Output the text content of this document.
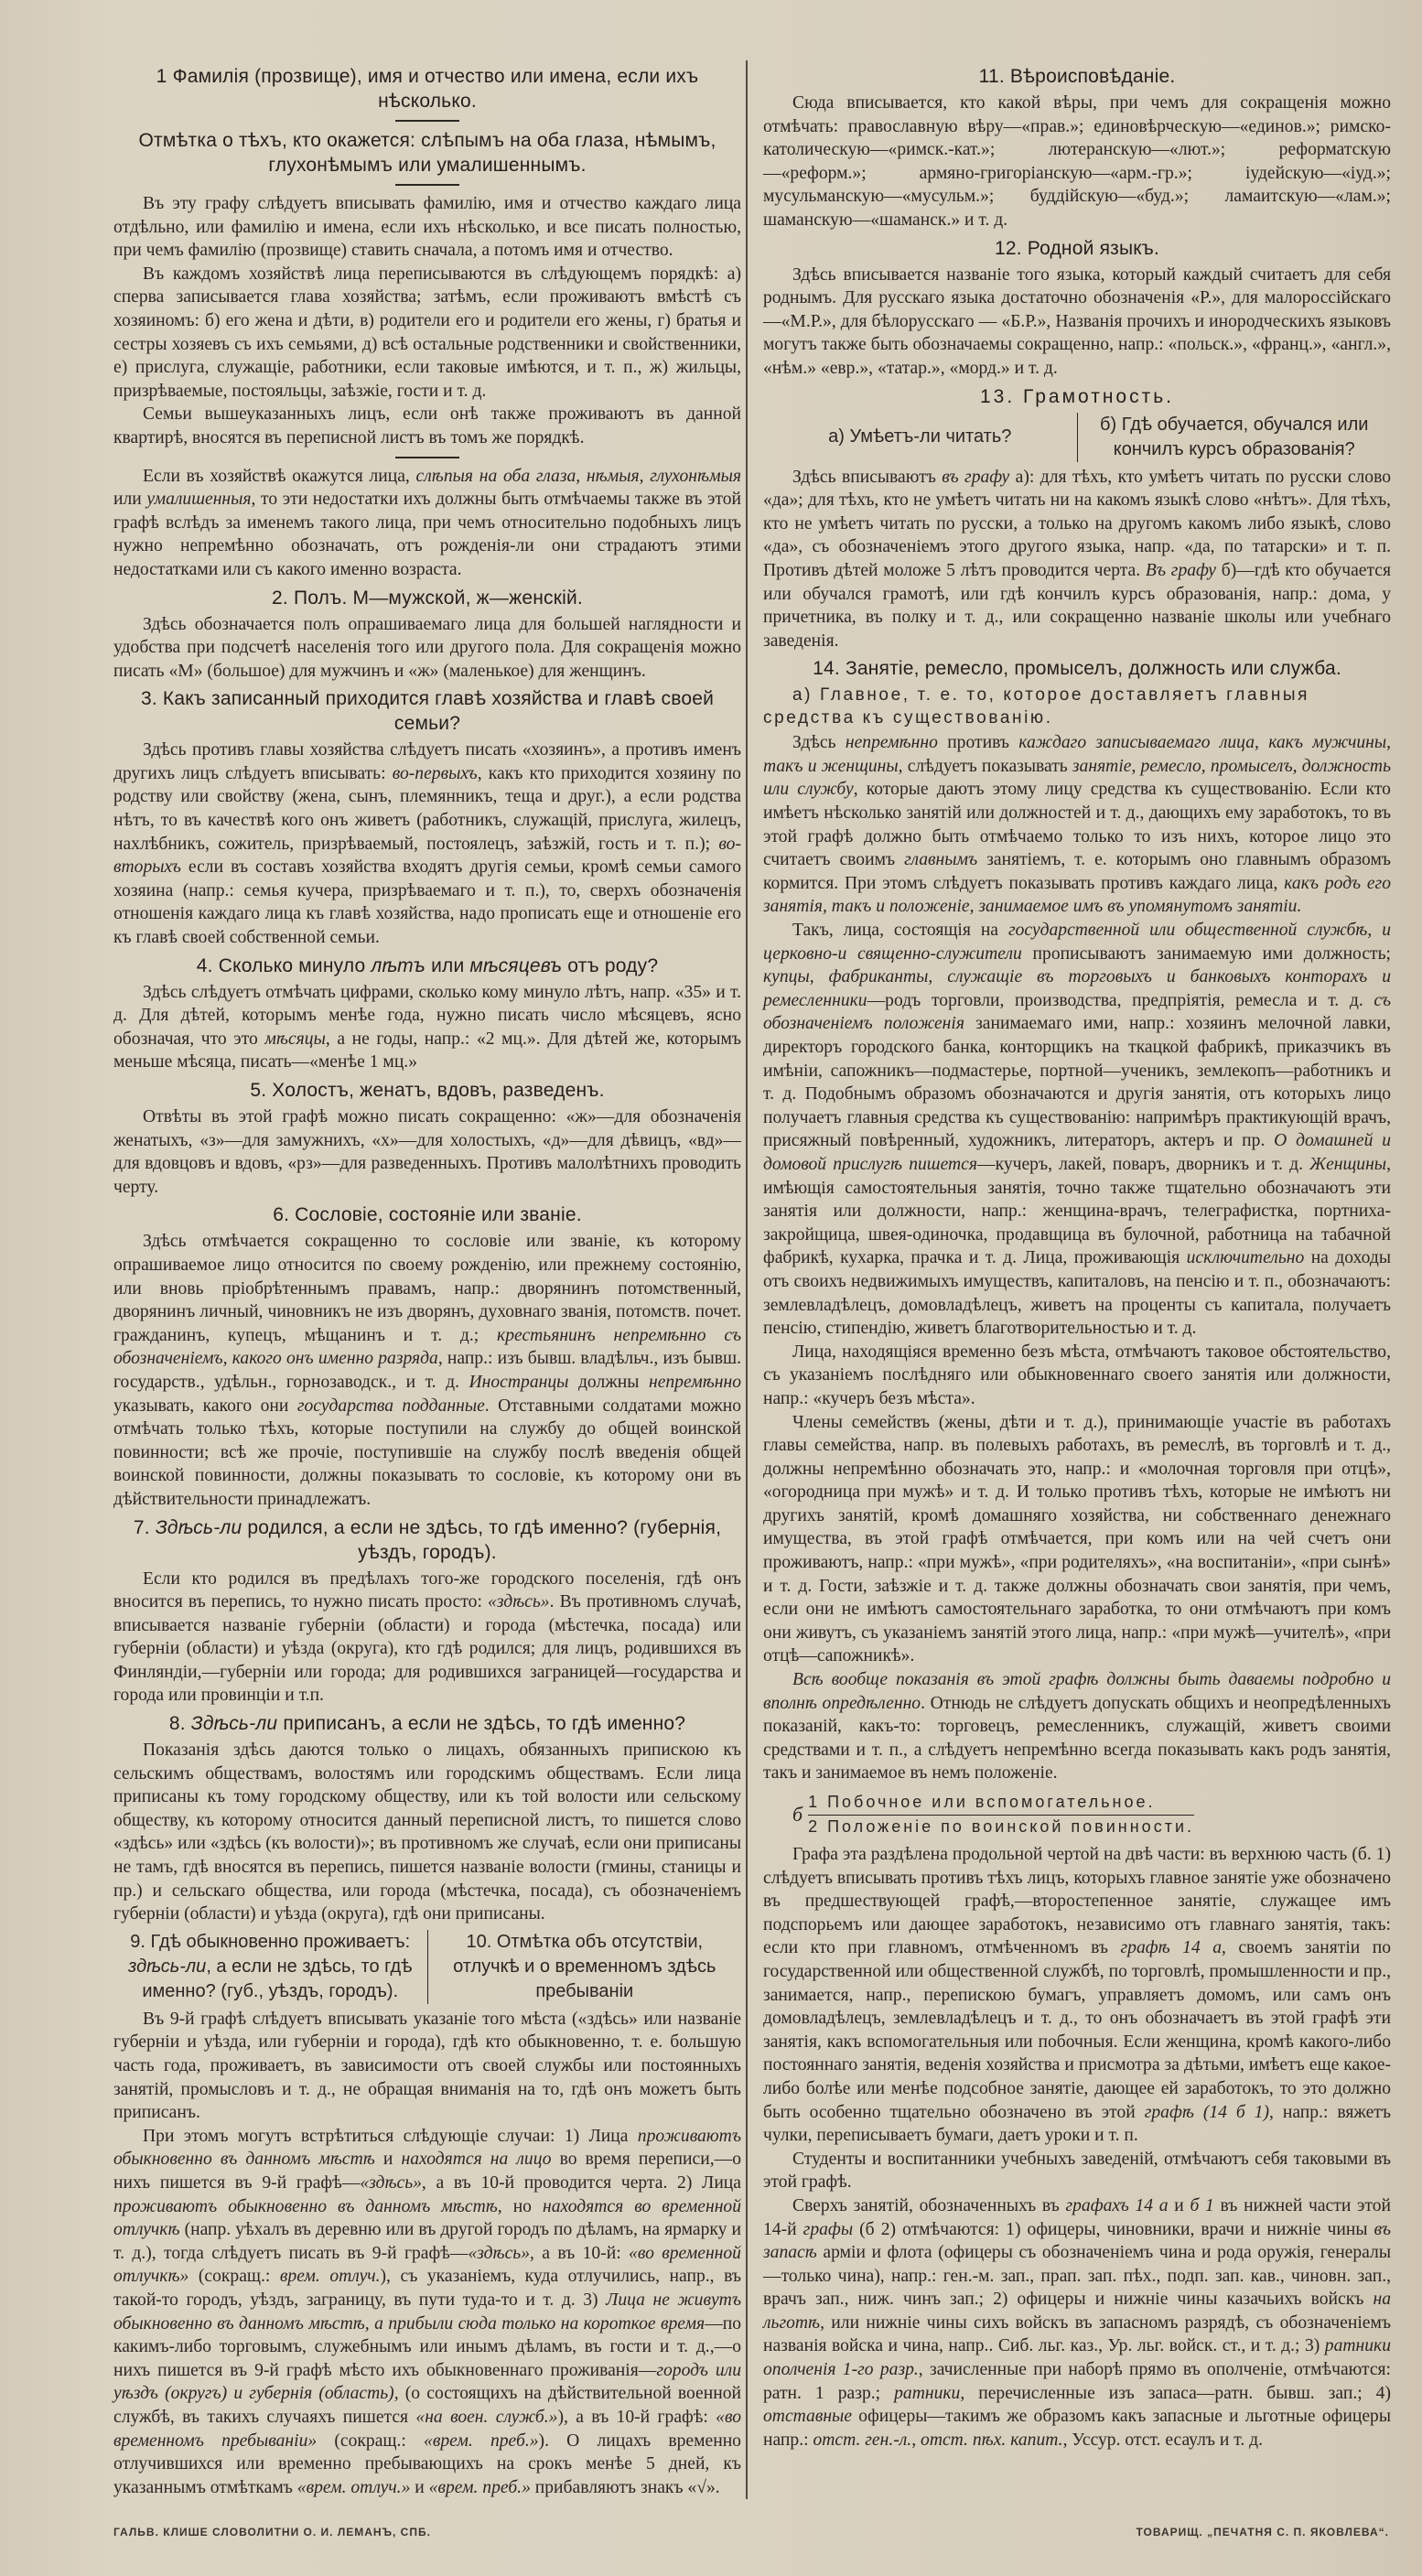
1 Фамилія (прозвище), имя и отчество или имена, если ихъ нѣсколько.
Отмѣтка о тѣхъ, кто окажется: слѣпымъ на оба глаза, нѣмымъ, глухонѣмымъ или умалишеннымъ.

Въ эту графу слѣдуетъ вписывать фамилію, имя и отчество каждаго лица отдѣльно, или фамилію и имена, если ихъ нѣсколько, и все писать полностью, при чемъ фамилію (прозвище) ставить сначала, а потомъ имя и отчество.

Въ каждомъ хозяйствѣ лица переписываются въ слѣдующемъ порядкѣ: а) сперва записывается глава хозяйства; затѣмъ, если проживаютъ вмѣстѣ съ хозяиномъ: б) его жена и дѣти, в) родители его и родители его жены, г) братья и сестры хозяевъ съ ихъ семьями, д) всѣ остальные родственники и свойственники, е) прислуга, служащіе, работники, если таковые имѣются, и т. п., ж) жильцы, призрѣваемые, постояльцы, заѣзжіе, гости и т. д.

Семьи вышеуказанныхъ лицъ, если онѣ также проживаютъ въ данной квартирѣ, вносятся въ переписной листъ въ томъ же порядкѣ.

Если въ хозяйствѣ окажутся лица, слѣпыя на оба глаза, нѣмыя, глухонѣмыя или умалишенныя, то эти недостатки ихъ должны быть отмѣчаемы также въ этой графѣ вслѣдъ за именемъ такого лица, при чемъ относительно подобныхъ лицъ нужно непремѣнно обозначать, отъ рожденія-ли они страдаютъ этими недостатками или съ какого именно возраста.

2. Полъ. М—мужской, ж—женскій.

Здѣсь обозначается полъ опрашиваемаго лица для большей наглядности и удобства при подсчетѣ населенія того или другого пола. Для сокращенія можно писать «М» (большое) для мужчинъ и «ж» (маленькое) для женщинъ.

3. Какъ записанный приходится главѣ хозяйства и главѣ своей семьи?

Здѣсь противъ главы хозяйства слѣдуетъ писать «хозяинъ», а противъ именъ другихъ лицъ слѣдуетъ вписывать: во-первыхъ, какъ кто приходится хозяину по родству или свойству (жена, сынъ, племянникъ, теща и друг.), а если родства нѣтъ, то въ качествѣ кого онъ живетъ (работникъ, служащій, прислуга, жилецъ, нахлѣбникъ, сожитель, призрѣваемый, постоялецъ, заѣзжій, гость и т. п.); во-вторыхъ если въ составъ хозяйства входятъ другія семьи, кромѣ семьи самого хозяина (напр.: семья кучера, призрѣваемаго и т. п.), то, сверхъ обозначенія отношенія каждаго лица къ главѣ хозяйства, надо прописать еще и отношеніе его къ главѣ своей собственной семьи.

4. Сколько минуло лѣтъ или мѣсяцевъ отъ роду?

Здѣсь слѣдуетъ отмѣчать цифрами, сколько кому минуло лѣтъ, напр. «35» и т. д. Для дѣтей, которымъ менѣе года, нужно писать число мѣсяцевъ, ясно обозначая, что это мѣсяцы, а не годы, напр.: «2 мц.». Для дѣтей же, которымъ меньше мѣсяца, писать—«менѣе 1 мц.»

5. Холостъ, женатъ, вдовъ, разведенъ.

Отвѣты въ этой графѣ можно писать сокращенно: «ж»—для обозначенія женатыхъ, «з»—для замужнихъ, «х»—для холостыхъ, «д»—для дѣвицъ, «вд»—для вдовцовъ и вдовъ, «рз»—для разведенныхъ. Противъ малолѣтнихъ проводить черту.

6. Сословіе, состояніе или званіе.

Здѣсь отмѣчается сокращенно то сословіе или званіе, къ которому опрашиваемое лицо относится по своему рожденію, или прежнему состоянію, или вновь пріобрѣтеннымъ правамъ, напр.: дворянинъ потомственный, дворянинъ личный, чиновникъ не изъ дворянъ, духовнаго званія, потомств. почет. гражданинъ, купецъ, мѣщанинъ и т. д.; крестьянинъ непремѣнно съ обозначеніемъ, какого онъ именно разряда, напр.: изъ бывш. владѣльч., изъ бывш. государств., удѣльн., горнозаводск., и т. д. Иностранцы должны непремѣнно указывать, какого они государства подданные. Отставными солдатами можно отмѣчать только тѣхъ, которые поступили на службу до общей воинской повинности; всѣ же прочіе, поступившіе на службу послѣ введенія общей воинской повинности, должны показывать то сословіе, къ которому они въ дѣйствительности принадлежатъ.

7. Здѣсь-ли родился, а если не здѣсь, то гдѣ именно? (губернія, уѣздъ, городъ).

Если кто родился въ предѣлахъ того-же городского поселенія, гдѣ онъ вносится въ перепись, то нужно писать просто: «здѣсь». Въ противномъ случаѣ, вписывается названіе губерніи (области) и города (мѣстечка, посада) или губерніи (области) и уѣзда (округа), кто гдѣ родился; для лицъ, родившихся въ Финляндіи,—губерніи или города; для родившихся заграницей—государства и города или провинціи и т.п.

8. Здѣсь-ли приписанъ, а если не здѣсь, то гдѣ именно?

Показанія здѣсь даются только о лицахъ, обязанныхъ припискою къ сельскимъ обществамъ, волостямъ или городскимъ обществамъ. Если лица приписаны къ тому городскому обществу, или къ той волости или сельскому обществу, къ которому относится данный переписной листъ, то пишется слово «здѣсь» или «здѣсь (къ волости)»; въ противномъ же случаѣ, если они приписаны не тамъ, гдѣ вносятся въ перепись, пишется названіе волости (гмины, станицы и пр.) и сельскаго общества, или города (мѣстечка, посада), съ обозначеніемъ губерніи (области) и уѣзда (округа), гдѣ они приписаны.

9. Гдѣ обыкновенно проживаетъ: здѣсь-ли, а если не здѣсь, то гдѣ именно? (губ., уѣздъ, городъ).
10. Отмѣтка объ отсутствіи, отлучкѣ и о временномъ здѣсь пребываніи

Въ 9-й графѣ слѣдуетъ вписывать указаніе того мѣста («здѣсь» или названіе губерніи и уѣзда, или губерніи и города), гдѣ кто обыкновенно, т. е. большую часть года, проживаетъ, въ зависимости отъ своей службы или постоянныхъ занятій, промысловъ и т. д., не обращая вниманія на то, гдѣ онъ можетъ быть приписанъ.

При этомъ могутъ встрѣтиться слѣдующіе случаи: 1) Лица проживаютъ обыкновенно въ данномъ мѣстѣ и находятся на лицо во время переписи,—о нихъ пишется въ 9-й графѣ—«здѣсь», а въ 10-й проводится черта. 2) Лица проживаютъ обыкновенно въ данномъ мѣстѣ, но находятся во временной отлучкѣ (напр. уѣхалъ въ деревню или въ другой городъ по дѣламъ, на ярмарку и т. д.), тогда слѣдуетъ писать въ 9-й графѣ—«здѣсь», а въ 10-й: «во временной отлучкѣ» (сокращ.: врем. отлуч.), съ указаніемъ, куда отлучились, напр., въ такой-то городъ, уѣздъ, заграницу, въ пути туда-то и т. д. 3) Лица не живутъ обыкновенно въ данномъ мѣстѣ, а прибыли сюда только на короткое время—по какимъ-либо торговымъ, служебнымъ или инымъ дѣламъ, въ гости и т. д.,—о нихъ пишется въ 9-й графѣ мѣсто ихъ обыкновеннаго проживанія—городъ или уѣздъ (округъ) и губернія (область), (о состоящихъ на дѣйствительной военной службѣ, въ такихъ случаяхъ пишется «на воен. служб.»), а въ 10-й графѣ: «во временномъ пребываніи» (сокращ.: «врем. преб.»). О лицахъ временно отлучившихся или временно пребывающихъ на срокъ менѣе 5 дней, къ указаннымъ отмѣткамъ «врем. отлуч.» и «врем. преб.» прибавляютъ знакъ «√».

11. Вѣроисповѣданіе.

Сюда вписывается, кто какой вѣры, при чемъ для сокращенія можно отмѣчать: православную вѣру—«прав.»; единовѣрческую—«единов.»; римско-католическую—«римск.-кат.»; лютеранскую—«лют.»; реформатскую—«реформ.»; армяно-григоріанскую—«арм.-гр.»; іудейскую—«іуд.»; мусульманскую—«мусульм.»; буддійскую—«буд.»; ламаитскую—«лам.»; шаманскую—«шаманск.» и т. д.

12. Родной языкъ.

Здѣсь вписывается названіе того языка, который каждый считаетъ для себя роднымъ. Для русскаго языка достаточно обозначенія «Р.», для малороссійскаго—«М.Р.», для бѣлорусскаго — «Б.Р.», Названія прочихъ и инородческихъ языковъ могутъ также быть обозначаемы сокращенно, напр.: «польск.», «франц.», «англ.», «нѣм.» «евр.», «татар.», «морд.» и т. д.

13. Грамотность.
а) Умѣетъ-ли читать?
б) Гдѣ обучается, обучался или кончилъ курсъ образованія?

Здѣсь вписываютъ въ графу а): для тѣхъ, кто умѣетъ читать по русски слово «да»; для тѣхъ, кто не умѣетъ читать ни на какомъ языкѣ слово «нѣтъ». Для тѣхъ, кто не умѣетъ читать по русски, а только на другомъ какомъ либо языкѣ, слово «да», съ обозначеніемъ этого другого языка, напр. «да, по татарски» и т. п. Противъ дѣтей моложе 5 лѣтъ проводится черта. Въ графу б)—гдѣ кто обучается или обучался грамотѣ, или гдѣ кончилъ курсъ образованія, напр.: дома, у причетника, въ полку и т. д., или сокращенно названіе школы или учебнаго заведенія.

14. Занятіе, ремесло, промыселъ, должность или служба.
а) Главное, т. е. то, которое доставляетъ главныя средства къ существованію.

Здѣсь непремѣнно противъ каждаго записываемаго лица, какъ мужчины, такъ и женщины, слѣдуетъ показывать занятіе, ремесло, промыселъ, должность или службу, которые даютъ этому лицу средства къ существованію. Если кто имѣетъ нѣсколько занятій или должностей и т. д., дающихъ ему заработокъ, то въ этой графѣ должно быть отмѣчаемо только то изъ нихъ, которое лицо это считаетъ своимъ главнымъ занятіемъ, т. е. которымъ оно главнымъ образомъ кормится. При этомъ слѣдуетъ показывать противъ каждаго лица, какъ родъ его занятія, такъ и положеніе, занимаемое имъ въ упомянутомъ занятіи.

Такъ, лица, состоящія на государственной или общественной службѣ, и церковно-и священно-служители прописываютъ занимаемую ими должность; купцы, фабриканты, служащіе въ торговыхъ и банковыхъ конторахъ и ремесленники—родъ торговли, производства, предпріятія, ремесла и т. д. съ обозначеніемъ положенія занимаемаго ими, напр.: хозяинъ мелочной лавки, директоръ городского банка, конторщикъ на ткацкой фабрикѣ, приказчикъ въ имѣніи, сапожникъ—подмастерье, портной—ученикъ, землекопъ—работникъ и т. д. Подобнымъ образомъ обозначаются и другія занятія, отъ которыхъ лицо получаетъ главныя средства къ существованію: напримѣръ практикующій врачъ, присяжный повѣренный, художникъ, литераторъ, актеръ и пр. О домашней и домовой прислугѣ пишется—кучеръ, лакей, поваръ, дворникъ и т. д. Женщины, имѣющія самостоятельныя занятія, точно также тщательно обозначаютъ эти занятія или должности, напр.: женщина-врачъ, телеграфистка, портниха-закройщица, швея-одиночка, продавщица въ булочной, работница на табачной фабрикѣ, кухарка, прачка и т. д. Лица, проживающія исключительно на доходы отъ своихъ недвижимыхъ имуществъ, капиталовъ, на пенсію и т. п., обозначаютъ: землевладѣлецъ, домовладѣлецъ, живетъ на проценты съ капитала, получаетъ пенсію, стипендію, живетъ благотворительностью и т. д.

Лица, находящіяся временно безъ мѣста, отмѣчаютъ таковое обстоятельство, съ указаніемъ послѣдняго или обыкновеннаго своего занятія или должности, напр.: «кучеръ безъ мѣста».

Члены семействъ (жены, дѣти и т. д.), принимающіе участіе въ работахъ главы семейства, напр. въ полевыхъ работахъ, въ ремеслѣ, въ торговлѣ и т. д., должны непремѣнно обозначать это, напр.: и «молочная торговля при отцѣ», «огородница при мужѣ» и т. д. И только противъ тѣхъ, которые не имѣютъ ни другихъ занятій, кромѣ домашняго хозяйства, ни собственнаго денежнаго имущества, въ этой графѣ отмѣчается, при комъ или на чей счетъ они проживаютъ, напр.: «при мужѣ», «при родителяхъ», «на воспитаніи», «при сынѣ» и т. д. Гости, заѣзжіе и т. д. также должны обозначать свои занятія, при чемъ, если они не имѣютъ самостоятельнаго заработка, то они отмѣчаютъ при комъ они живутъ, съ указаніемъ занятій этого лица, напр.: «при мужѣ—учителѣ», «при отцѣ—сапожникѣ».

Всѣ вообще показанія въ этой графѣ должны быть даваемы подробно и вполнѣ опредѣленно. Отнюдь не слѣдуетъ допускать общихъ и неопредѣленныхъ показаній, какъ-то: торговецъ, ремесленникъ, служащій, живетъ своими средствами и т. п., а слѣдуетъ непремѣнно всегда показывать какъ родъ занятія, такъ и занимаемое въ немъ положеніе.

б
1 Побочное или вспомогательное.
2 Положеніе по воинской повинности.

Графа эта раздѣлена продольной чертой на двѣ части: въ верхнюю часть (б. 1) слѣдуетъ вписывать противъ тѣхъ лицъ, которыхъ главное занятіе уже обозначено въ предшествующей графѣ,—второстепенное занятіе, служащее имъ подспорьемъ или дающее заработокъ, независимо отъ главнаго занятія, такъ: если кто при главномъ, отмѣченномъ въ графѣ 14 а, своемъ занятіи по государственной или общественной службѣ, по торговлѣ, промышленности и пр., занимается, напр., перепискою бумагъ, управляетъ домомъ, или самъ онъ домовладѣлецъ, землевладѣлецъ и т. д., то онъ обозначаетъ въ этой графѣ эти занятія, какъ вспомогательныя или побочныя. Если женщина, кромѣ какого-либо постояннаго занятія, веденія хозяйства и присмотра за дѣтьми, имѣетъ еще какое-либо болѣе или менѣе подсобное занятіе, дающее ей заработокъ, то это должно быть особенно тщательно обозначено въ этой графѣ (14 б 1), напр.: вяжетъ чулки, переписываетъ бумаги, даетъ уроки и т. п.

Студенты и воспитанники учебныхъ заведеній, отмѣчаютъ себя таковыми въ этой графѣ.

Сверхъ занятій, обозначенныхъ въ графахъ 14 а и б 1 въ нижней части этой 14-й графы (б 2) отмѣчаются: 1) офицеры, чиновники, врачи и нижніе чины въ запасѣ арміи и флота (офицеры съ обозначеніемъ чина и рода оружія, генералы—только чина), напр.: ген.-м. зап., прап. зап. пѣх., подп. зап. кав., чиновн. зап., врачъ зап., ниж. чинъ зап.; 2) офицеры и нижніе чины казачьихъ войскъ на льготѣ, или нижніе чины сихъ войскъ въ запасномъ разрядѣ, съ обозначеніемъ названія войска и чина, напр.. Сиб. льг. каз., Ур. льг. войск. ст., и т. д.; 3) ратники ополченія 1-го разр., зачисленные при наборѣ прямо въ ополченіе, отмѣчаются: ратн. 1 разр.; ратники, перечисленные изъ запаса—ратн. бывш. зап.; 4) отставные офицеры—такимъ же образомъ какъ запасные и льготные офицеры напр.: отст. ген.-л., отст. пѣх. капит., Уссур. отст. есаулъ и т. д.

ГАЛЬВ. КЛИШЕ СЛОВОЛИТНИ О. И. ЛЕМАНЪ, СПБ.	ТОВАРИЩ. „ПЕЧАТНЯ С. П. ЯКОВЛЕВА“.
